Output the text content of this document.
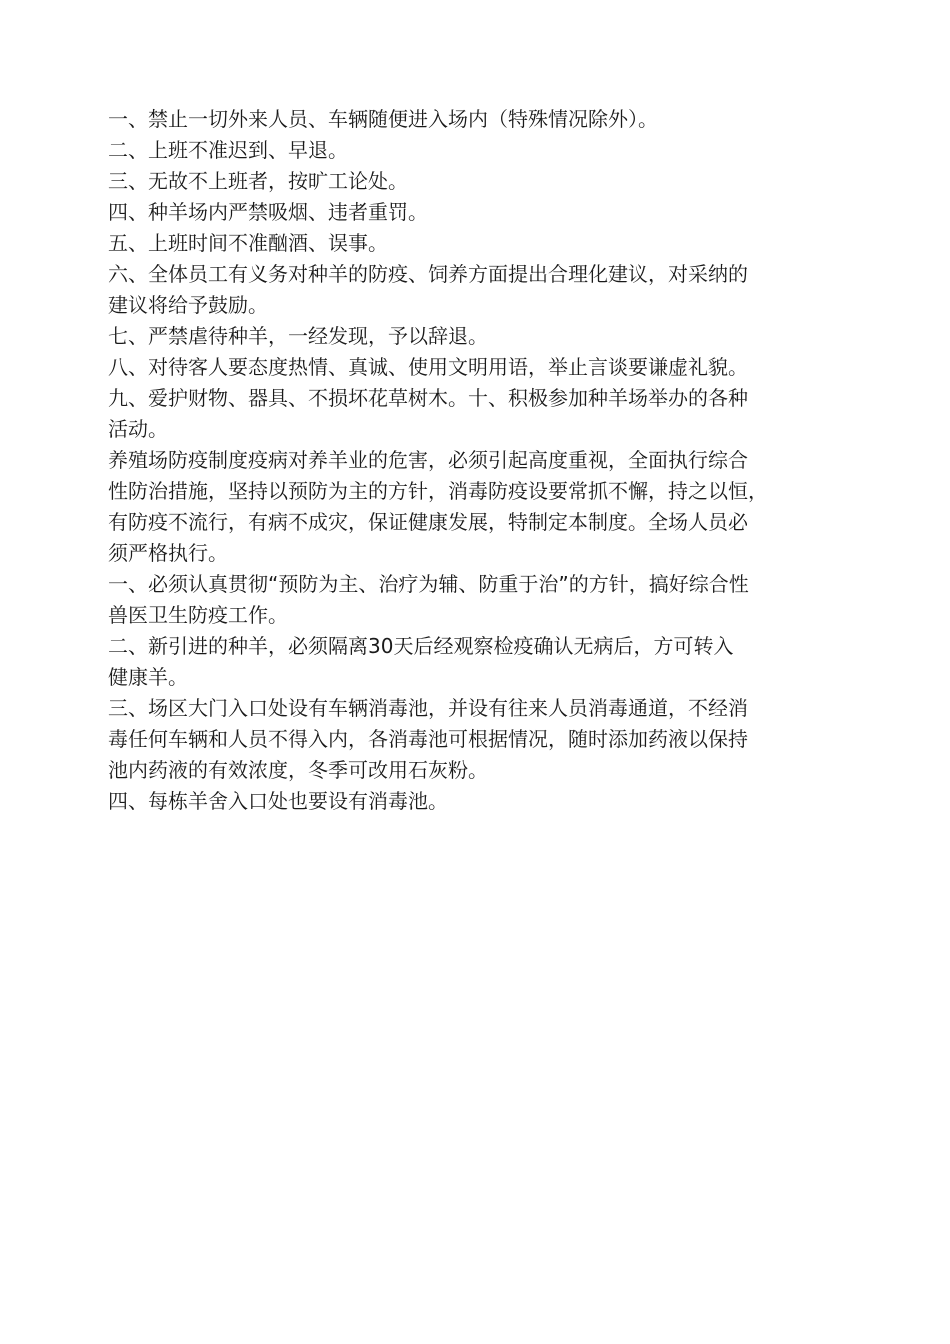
一、禁止一切外来人员、车辆随便进入场内（特殊情况除外）。

二、上班不准迟到、早退。

三、无故不上班者，按旷工论处。

四、种羊场内严禁吸烟、违者重罚。

五、上班时间不准酗酒、误事。

六、全体员工有义务对种羊的防疫、饲养方面提出合理化建议，对采纳的
建议将给予鼓励。

七、严禁虐待种羊，一经发现，予以辞退。

八、对待客人要态度热情、真诚、使用文明用语，举止言谈要谦虚礼貌。

九、爱护财物、器具、不损坏花草树木。十、积极参加种羊场举办的各种
活动。

养殖场防疫制度疫病对养羊业的危害，必须引起高度重视，全面执行综合
性防治措施，坚持以预防为主的方针，消毒防疫设要常抓不懈，持之以恒，
有防疫不流行，有病不成灾，保证健康发展，特制定本制度。全场人员必
须严格执行。

一、必须认真贯彻“预防为主、治疗为辅、防重于治”的方针，搞好综合性
兽医卫生防疫工作。

二、新引进的种羊，必须隔离30天后经观察检疫确认无病后，方可转入
健康羊。

三、场区大门入口处设有车辆消毒池，并设有往来人员消毒通道，不经消
毒任何车辆和人员不得入内，各消毒池可根据情况，随时添加药液以保持
池内药液的有效浓度，冬季可改用石灰粉。

四、每栋羊舍入口处也要设有消毒池。
